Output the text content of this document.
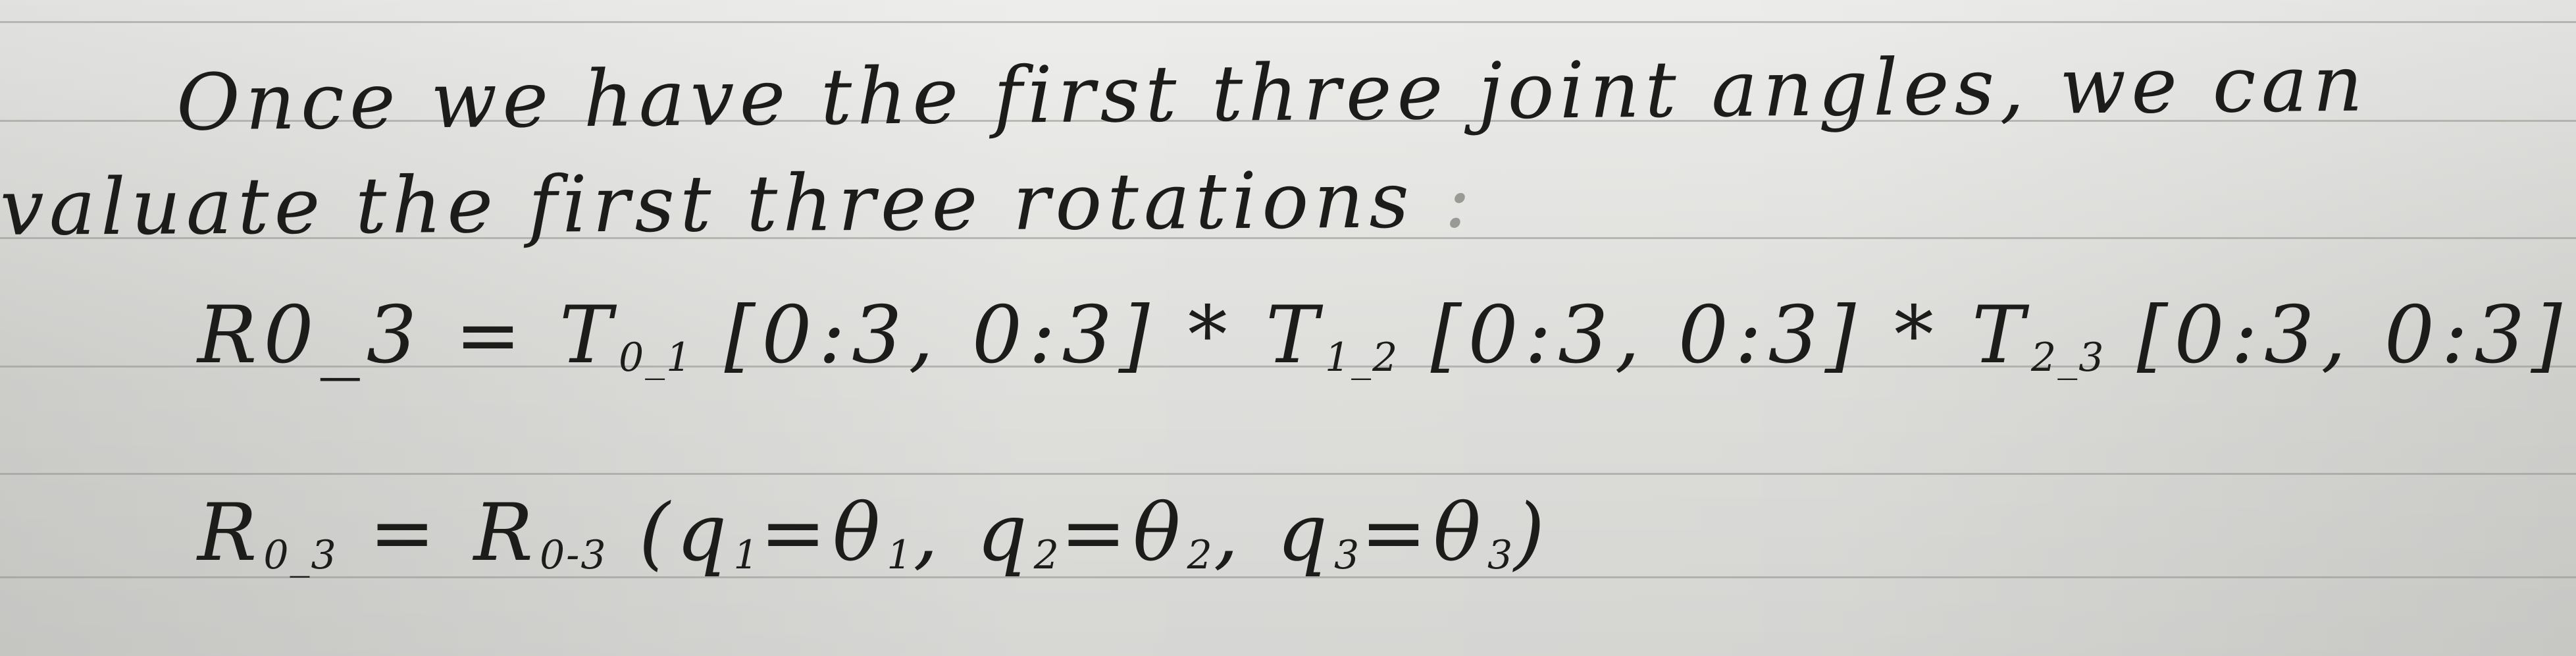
Once we have the first three joint angles, we can
valuate the first three rotations :
R0_3 = $T_{0\_1}$ [0:3, 0:3] * $T_{1\_2}$ [0:3, 0:3] * $T_{2\_3}$ [0:3, 0:3]
$R_{0\_3} = R_{0-3}$ ($q_1=\theta_1$, $q_2=\theta_2$, $q_3=\theta_3$)
